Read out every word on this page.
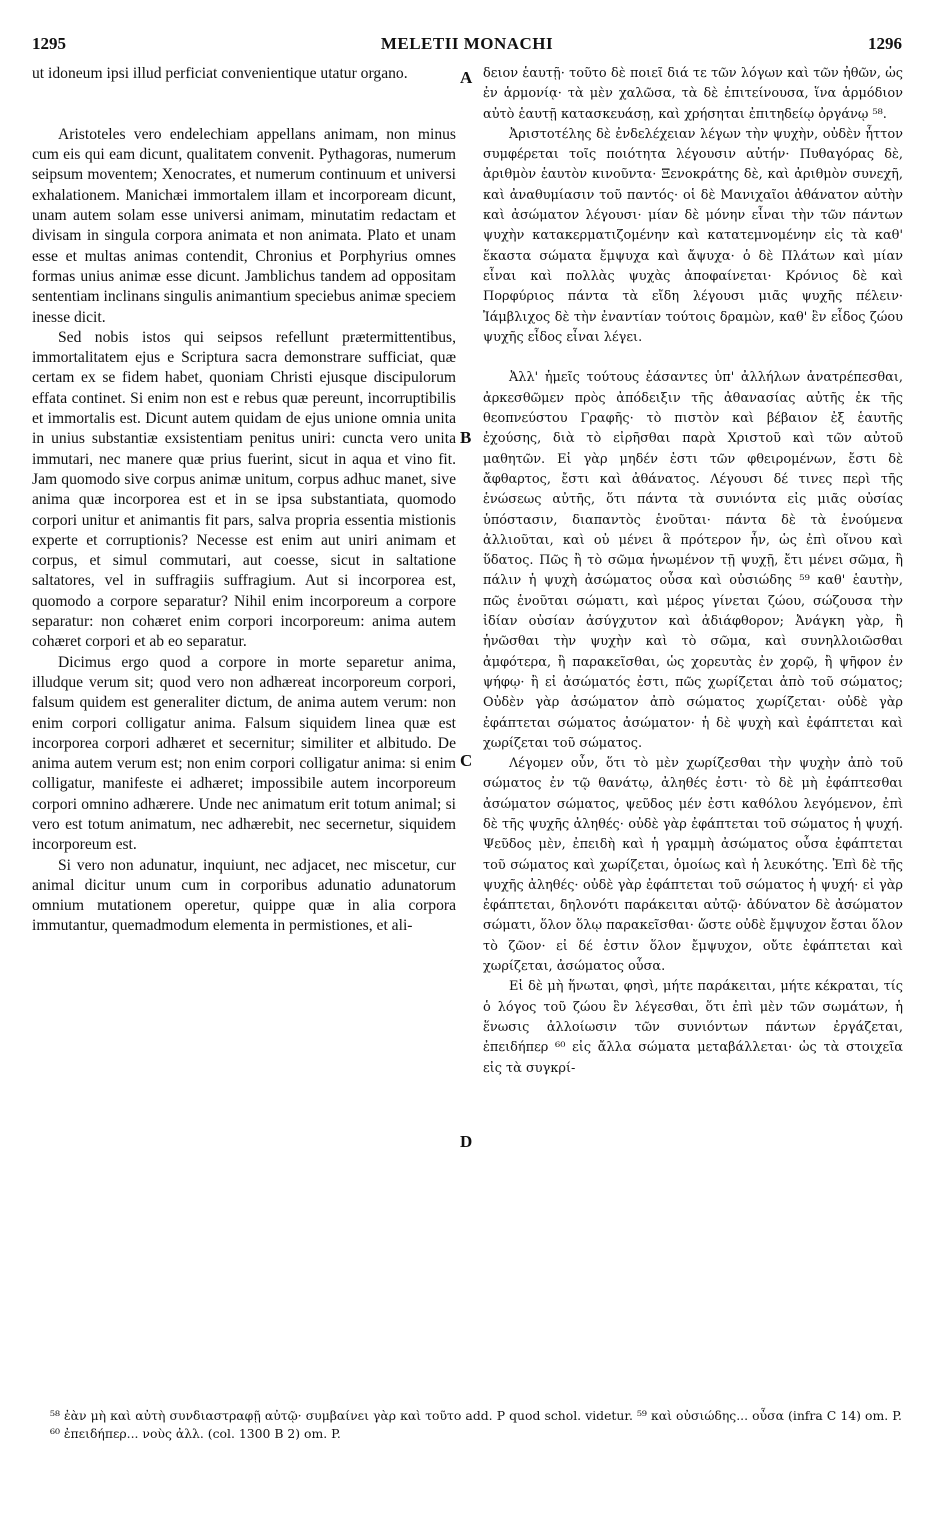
1295	MELETII MONACHI	1296

ut idoneum ipsi illud perficiat convenientique utatur organo.

Aristoteles vero endelechiam appellans animam, non minus cum eis qui eam dicunt, qualitatem convenit. Pythagoras, numerum seipsum moventem; Xenocrates, et numerum continuum et universi exhalationem. Manichæi immortalem illam et incorpoream dicunt, unam autem solam esse universi animam, minutatim redactam et divisam in singula corpora animata et non animata. Plato et unam esse et multas animas contendit, Chronius et Porphyrius omnes formas unius animæ esse dicunt. Jamblichus tandem ad oppositam sententiam inclinans singulis animantium speciebus animæ speciem inesse dicit.

Sed nobis istos qui seipsos refellunt prætermittentibus, immortalitatem ejus e Scriptura sacra demonstrare sufficiat, quæ certam ex se fidem habet, quoniam Christi ejusque discipulorum effata continet. Si enim non est e rebus quæ pereunt, incorruptibilis et immortalis est. Dicunt autem quidam de ejus unione omnia unita in unius substantiæ exsistentiam penitus uniri: cuncta vero unita immutari, nec manere quæ prius fuerint, sicut in aqua et vino fit. Jam quomodo sive corpus animæ unitum, corpus adhuc manet, sive anima quæ incorporea est et in se ipsa substantiata, quomodo corpori unitur et animantis fit pars, salva propria essentia mistionis experte et corruptionis? Necesse est enim aut uniri animam et corpus, et simul commutari, aut coesse, sicut in saltatione saltatores, vel in suffragiis suffragium. Aut si incorporea est, quomodo a corpore separatur? Nihil enim incorporeum a corpore separatur: non cohæret enim corpori incorporeum: anima autem cohæret corpori et ab eo separatur.

Dicimus ergo quod a corpore in morte separetur anima, illudque verum sit; quod vero non adhæreat incorporeum corpori, falsum quidem est generaliter dictum, de anima autem verum: non enim corpori colligatur anima. Falsum siquidem linea quæ est incorporea corpori adhæret et secernitur; similiter et albitudo. De anima autem verum est; non enim corpori colligatur anima: si enim colligatur, manifeste ei adhæret; impossibile autem incorporeum corpori omnino adhærere. Unde nec animatum erit totum animal; si vero est totum animatum, nec adhærebit, nec secernetur, siquidem incorporeum est.

Si vero non adunatur, inquiunt, nec adjacet, nec miscetur, cur animal dicitur unum cum in corporibus adunatio adunatorum omnium mutationem operetur, quippe quæ in alia corpora immutantur, quemadmodum elementa in permistiones, et ali-

A
B
C
D

δειον ἑαυτῇ· τοῦτο δὲ ποιεῖ διά τε τῶν λόγων καὶ τῶν ἠθῶν, ὡς ἐν ἁρμονίᾳ· τὰ μὲν χαλῶσα, τὰ δὲ ἐπιτείνουσα, ἵνα ἁρμόδιον αὐτὸ ἑαυτῇ κατασκευάσῃ, καὶ χρήσηται ἐπιτηδείῳ ὀργάνῳ ⁵⁸.

Ἀριστοτέλης δὲ ἐνδελέχειαν λέγων τὴν ψυχὴν, οὐδὲν ἧττον συμφέρεται τοῖς ποιότητα λέγουσιν αὐτήν· Πυθαγόρας δὲ, ἀριθμὸν ἑαυτὸν κινοῦντα· Ξενοκράτης δὲ, καὶ ἀριθμὸν συνεχῆ, καὶ ἀναθυμίασιν τοῦ παντός· οἱ δὲ Μανιχαῖοι ἀθάνατον αὐτὴν καὶ ἀσώματον λέγουσι· μίαν δὲ μόνην εἶναι τὴν τῶν πάντων ψυχὴν κατακερματιζομένην καὶ κατατεμνομένην εἰς τὰ καθ' ἕκαστα σώματα ἔμψυχα καὶ ἄψυχα· ὁ δὲ Πλάτων καὶ μίαν εἶναι καὶ πολλὰς ψυχὰς ἀποφαίνεται· Κρόνιος δὲ καὶ Πορφύριος πάντα τὰ εἴδη λέγουσι μιᾶς ψυχῆς πέλειν· Ἰάμβλιχος δὲ τὴν ἐναντίαν τούτοις δραμὼν, καθ' ἓν εἶδος ζώου ψυχῆς εἶδος εἶναι λέγει.

Ἀλλ' ἡμεῖς τούτους ἐάσαντες ὑπ' ἀλλήλων ἀνατρέπεσθαι, ἀρκεσθῶμεν πρὸς ἀπόδειξιν τῆς ἀθανασίας αὐτῆς ἐκ τῆς θεοπνεύστου Γραφῆς· τὸ πιστὸν καὶ βέβαιον ἐξ ἑαυτῆς ἐχούσης, διὰ τὸ εἰρῆσθαι παρὰ Χριστοῦ καὶ τῶν αὐτοῦ μαθητῶν. Εἰ γὰρ μηδέν ἐστι τῶν φθειρομένων, ἔστι δὲ ἄφθαρτος, ἔστι καὶ ἀθάνατος. Λέγουσι δέ τινες περὶ τῆς ἑνώσεως αὐτῆς, ὅτι πάντα τὰ συνιόντα εἰς μιᾶς οὐσίας ὑπόστασιν, διαπαντὸς ἑνοῦται· πάντα δὲ τὰ ἑνούμενα ἀλλιοῦται, καὶ οὐ μένει ἃ πρότερον ἦν, ὡς ἐπὶ οἴνου καὶ ὕδατος. Πῶς ἢ τὸ σῶμα ἡνωμένον τῇ ψυχῇ, ἔτι μένει σῶμα, ἢ πάλιν ἡ ψυχὴ ἀσώματος οὖσα καὶ οὐσιώδης ⁵⁹ καθ' ἑαυτὴν, πῶς ἑνοῦται σώματι, καὶ μέρος γίνεται ζώου, σώζουσα τὴν ἰδίαν οὐσίαν ἀσύγχυτον καὶ ἀδιάφθορον; Ἀνάγκη γὰρ, ἢ ἡνῶσθαι τὴν ψυχὴν καὶ τὸ σῶμα, καὶ συνηλλοιῶσθαι ἀμφότερα, ἢ παρακεῖσθαι, ὡς χορευτὰς ἐν χορῷ, ἢ ψῆφον ἐν ψήφῳ· ἢ εἰ ἀσώματός ἐστι, πῶς χωρίζεται ἀπὸ τοῦ σώματος; Οὐδὲν γὰρ ἀσώματον ἀπὸ σώματος χωρίζεται· οὐδὲ γὰρ ἐφάπτεται σώματος ἀσώματον· ἡ δὲ ψυχὴ καὶ ἐφάπτεται καὶ χωρίζεται τοῦ σώματος.

Λέγομεν οὖν, ὅτι τὸ μὲν χωρίζεσθαι τὴν ψυχὴν ἀπὸ τοῦ σώματος ἐν τῷ θανάτῳ, ἀληθές ἐστι· τὸ δὲ μὴ ἐφάπτεσθαι ἀσώματον σώματος, ψεῦδος μέν ἐστι καθόλου λεγόμενον, ἐπὶ δὲ τῆς ψυχῆς ἀληθές· οὐδὲ γὰρ ἐφάπτεται τοῦ σώματος ἡ ψυχή. Ψεῦδος μὲν, ἐπειδὴ καὶ ἡ γραμμὴ ἀσώματος οὖσα ἐφάπτεται τοῦ σώματος καὶ χωρίζεται, ὁμοίως καὶ ἡ λευκότης. Ἐπὶ δὲ τῆς ψυχῆς ἀληθές· οὐδὲ γὰρ ἐφάπτεται τοῦ σώματος ἡ ψυχή· εἰ γὰρ ἐφάπτεται, δηλονότι παράκειται αὐτῷ· ἀδύνατον δὲ ἀσώματον σώματι, ὅλον ὅλῳ παρακεῖσθαι· ὥστε οὐδὲ ἔμψυχον ἔσται ὅλον τὸ ζῶον· εἰ δέ ἐστιν ὅλον ἔμψυχον, οὔτε ἐφάπτεται καὶ χωρίζεται, ἀσώματος οὖσα.

Εἰ δὲ μὴ ἥνωται, φησὶ, μήτε παράκειται, μήτε κέκραται, τίς ὁ λόγος τοῦ ζώου ἓν λέγεσθαι, ὅτι ἐπὶ μὲν τῶν σωμάτων, ἡ ἕνωσις ἀλλοίωσιν τῶν συνιόντων πάντων ἐργάζεται, ἐπειδήπερ ⁶⁰ εἰς ἄλλα σώματα μεταβάλλεται· ὡς τὰ στοιχεῖα εἰς τὰ συγκρί-

⁵⁸ ἐὰν μὴ καὶ αὐτὴ συνδιαστραφῇ αὐτῷ· συμβαίνει γὰρ καὶ τοῦτο add. P quod schol. videtur. ⁵⁹ καὶ οὐσιώδης... οὖσα (infra C 14) om. P. ⁶⁰ ἐπειδήπερ... νοὺς ἀλλ. (col. 1300 B 2) om. P.
